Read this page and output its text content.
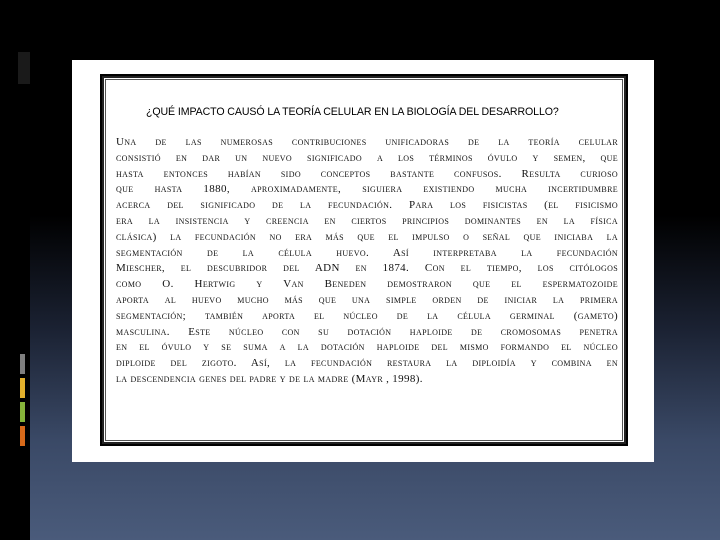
¿QUÉ IMPACTO CAUSÓ LA TEORÍA CELULAR EN LA BIOLOGÍA DEL DESARROLLO?
Una de las numerosas contribuciones unificadoras de la teoría celular
consistió en dar un nuevo significado a los términos óvulo y semen, que
hasta entonces habían sido conceptos bastante confusos. Resulta curioso
que hasta 1880, aproximadamente, siguiera existiendo mucha incertidumbre
acerca del significado de la fecundación. Para los fisicistas (el fisicismo
era la insistencia y creencia en ciertos principios dominantes en la física
clásica) la fecundación no era más que el impulso o señal que iniciaba la
segmentación de la célula huevo. Así interpretaba la fecundación
Miescher, el descubridor del ADN en 1874. Con el tiempo, los citólogos
como O. Hertwig y Van Beneden demostraron que el espermatozoide
aporta al huevo mucho más que una simple orden de iniciar la primera
segmentación; también aporta el núcleo de la célula germinal (gameto)
masculina. Este núcleo con su dotación haploide de cromosomas penetra
en el óvulo y se suma a la dotación haploide del mismo formando el núcleo
diploide del zigoto. Así, la fecundación restaura la diploidía y combina en
la descendencia genes del padre y de la madre (Mayr , 1998).
